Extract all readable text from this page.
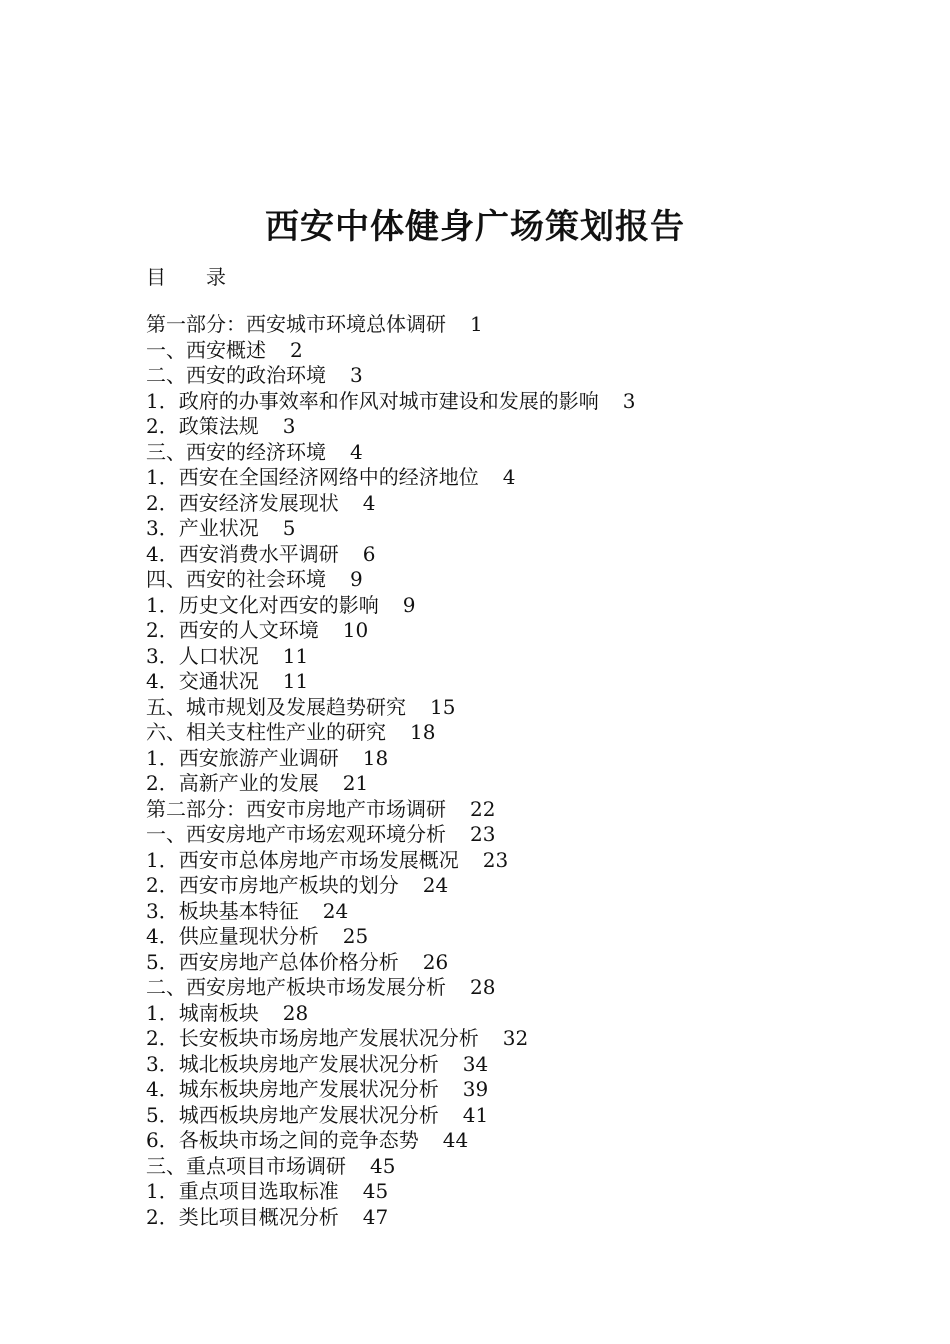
西安中体健身广场策划报告
目 录
第一部分：西安城市环境总体调研 1
一、西安概述 2
二、西安的政治环境 3
1．政府的办事效率和作风对城市建设和发展的影响 3
2．政策法规 3
三、西安的经济环境 4
1．西安在全国经济网络中的经济地位 4
2．西安经济发展现状 4
3．产业状况 5
4．西安消费水平调研 6
四、西安的社会环境 9
1．历史文化对西安的影响 9
2．西安的人文环境 10
3．人口状况 11
4．交通状况 11
五、城市规划及发展趋势研究 15
六、相关支柱性产业的研究 18
1．西安旅游产业调研 18
2．高新产业的发展 21
第二部分：西安市房地产市场调研 22
一、西安房地产市场宏观环境分析 23
1．西安市总体房地产市场发展概况 23
2．西安市房地产板块的划分 24
3．板块基本特征 24
4．供应量现状分析 25
5．西安房地产总体价格分析 26
二、西安房地产板块市场发展分析 28
1．城南板块 28
2．长安板块市场房地产发展状况分析 32
3．城北板块房地产发展状况分析 34
4．城东板块房地产发展状况分析 39
5．城西板块房地产发展状况分析 41
6．各板块市场之间的竞争态势 44
三、重点项目市场调研 45
1．重点项目选取标准 45
2．类比项目概况分析 47
